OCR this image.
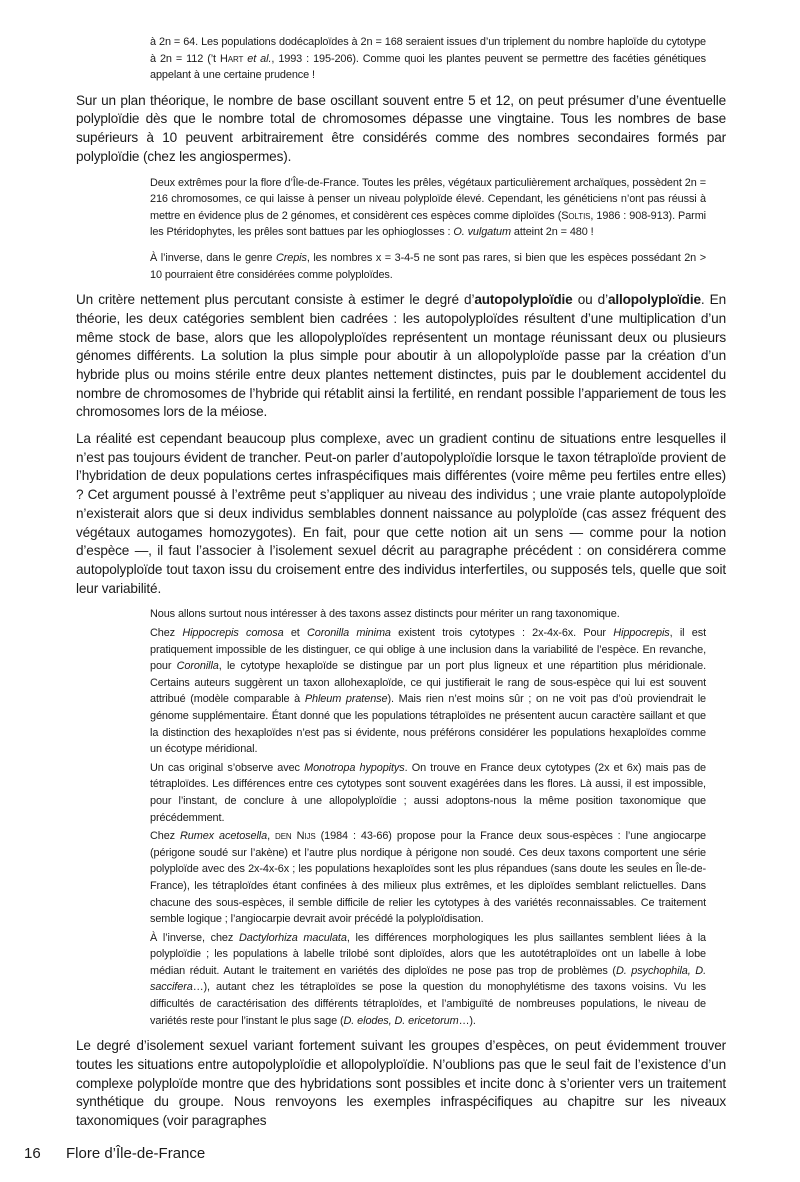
à 2n = 64. Les populations dodécaploïdes à 2n = 168 seraient issues d’un triplement du nombre haploïde du cytotype à 2n = 112 (’t Hart et al., 1993 : 195-206). Comme quoi les plantes peuvent se permettre des facéties génétiques appelant à une certaine prudence !

Sur un plan théorique, le nombre de base oscillant souvent entre 5 et 12, on peut présumer d’une éventuelle polyploïdie dès que le nombre total de chromosomes dépasse une vingtaine. Tous les nombres de base supérieurs à 10 peuvent arbitrairement être considérés comme des nombres secondaires formés par polyploïdie (chez les angiospermes).

Deux extrêmes pour la flore d’Île-de-France. Toutes les prêles, végétaux particulièrement archaïques, possèdent 2n = 216 chromosomes, ce qui laisse à penser un niveau polyploïde élevé. Cependant, les généticiens n’ont pas réussi à mettre en évidence plus de 2 génomes, et considèrent ces espèces comme diploïdes (Soltis, 1986 : 908-913). Parmi les Ptéridophytes, les prêles sont battues par les ophioglosses : O. vulgatum atteint 2n = 480 !

À l’inverse, dans le genre Crepis, les nombres x = 3-4-5 ne sont pas rares, si bien que les espèces possédant 2n > 10 pourraient être considérées comme polyploïdes.

Un critère nettement plus percutant consiste à estimer le degré d’autopolyploïdie ou d’allopolyploïdie. En théorie, les deux catégories semblent bien cadrées : les autopolyploïdes résultent d’une multiplication d’un même stock de base, alors que les allopolyploïdes représentent un montage réunissant deux ou plusieurs génomes différents. La solution la plus simple pour aboutir à un allopolyploïde passe par la création d’un hybride plus ou moins stérile entre deux plantes nettement distinctes, puis par le doublement accidentel du nombre de chromosomes de l’hybride qui rétablit ainsi la fertilité, en rendant possible l’appariement de tous les chromosomes lors de la méiose.
La réalité est cependant beaucoup plus complexe, avec un gradient continu de situations entre lesquelles il n’est pas toujours évident de trancher. Peut-on parler d’autopolyploïdie lorsque le taxon tétraploïde provient de l’hybridation de deux populations certes infraspécifiques mais différentes (voire même peu fertiles entre elles) ? Cet argument poussé à l’extrême peut s’appliquer au niveau des individus ; une vraie plante autopolyploïde n’existerait alors que si deux individus semblables donnent naissance au polyploïde (cas assez fréquent des végétaux autogames homozygotes). En fait, pour que cette notion ait un sens — comme pour la notion d’espèce —, il faut l’associer à l’isolement sexuel décrit au paragraphe précédent : on considérera comme autopolyploïde tout taxon issu du croisement entre des individus interfertiles, ou supposés tels, quelle que soit leur variabilité.

Nous allons surtout nous intéresser à des taxons assez distincts pour mériter un rang taxonomique.

Chez Hippocrepis comosa et Coronilla minima existent trois cytotypes : 2x-4x-6x. Pour Hippocrepis, il est pratiquement impossible de les distinguer, ce qui oblige à une inclusion dans la variabilité de l’espèce. En revanche, pour Coronilla, le cytotype hexaploïde se distingue par un port plus ligneux et une répartition plus méridionale. Certains auteurs suggèrent un taxon allohexaploïde, ce qui justifierait le rang de sous-espèce qui lui est souvent attribué (modèle comparable à Phleum pratense). Mais rien n’est moins sûr ; on ne voit pas d’où proviendrait le génome supplémentaire. Étant donné que les populations tétraploïdes ne présentent aucun caractère saillant et que la distinction des hexaploïdes n’est pas si évidente, nous préférons considérer les populations hexaploïdes comme un écotype méridional.

Un cas original s’observe avec Monotropa hypopitys. On trouve en France deux cytotypes (2x et 6x) mais pas de tétraploïdes. Les différences entre ces cytotypes sont souvent exagérées dans les flores. Là aussi, il est impossible, pour l’instant, de conclure à une allopolyploïdie ; aussi adoptons-nous la même position taxonomique que précédemment.

Chez Rumex acetosella, den Nijs (1984 : 43-66) propose pour la France deux sous-espèces : l’une angiocarpe (périgone soudé sur l’akène) et l’autre plus nordique à périgone non soudé. Ces deux taxons comportent une série polyploïde avec des 2x-4x-6x ; les populations hexaploïdes sont les plus répandues (sans doute les seules en Île-de-France), les tétraploïdes étant confinées à des milieux plus extrêmes, et les diploïdes semblant relictuelles. Dans chacune des sous-espèces, il semble difficile de relier les cytotypes à des variétés reconnaissables. Ce traitement semble logique ; l’angiocarpie devrait avoir précédé la polyploïdisation.

À l’inverse, chez Dactylorhiza maculata, les différences morphologiques les plus saillantes semblent liées à la polyploïdie ; les populations à labelle trilobé sont diploïdes, alors que les autotétraploïdes ont un labelle à lobe médian réduit. Autant le traitement en variétés des diploïdes ne pose pas trop de problèmes (D. psychophila, D. saccifera…), autant chez les tétraploïdes se pose la question du monophylétisme des taxons voisins. Vu les difficultés de caractérisation des différents tétraploïdes, et l’ambiguïté de nombreuses populations, le niveau de variétés reste pour l’instant le plus sage (D. elodes, D. ericetorum…).

Le degré d’isolement sexuel variant fortement suivant les groupes d’espèces, on peut évidemment trouver toutes les situations entre autopolyploïdie et allopolyploïdie. N’oublions pas que le seul fait de l’existence d’un complexe polyploïde montre que des hybridations sont possibles et incite donc à s’orienter vers un traitement synthétique du groupe. Nous renvoyons les exemples infraspécifiques au chapitre sur les niveaux taxonomiques (voir paragraphes
16 Flore d’Île-de-France
